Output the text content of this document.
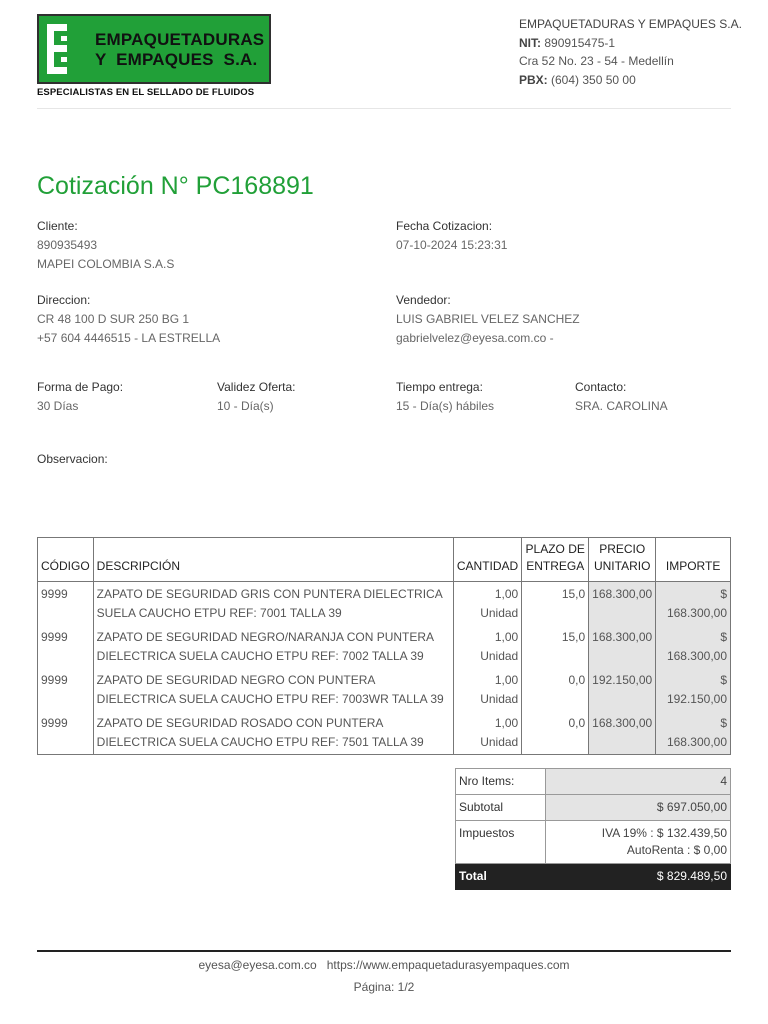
EMPAQUETADURAS
Y  EMPAQUES  S.A.
ESPECIALISTAS EN EL SELLADO DE FLUIDOS
EMPAQUETADURAS Y EMPAQUES S.A.
NIT: 890915475-1
Cra 52 No. 23 - 54 - Medellín
PBX: (604) 350 50 00
Cotización N° PC168891
Cliente:
890935493
MAPEI COLOMBIA S.A.S
Fecha Cotizacion:
07-10-2024 15:23:31
Direccion:
CR 48 100 D SUR 250 BG 1
+57 604 4446515 - LA ESTRELLA
Vendedor:
LUIS GABRIEL VELEZ SANCHEZ
gabrielvelez@eyesa.com.co -
Forma de Pago:
30 Días
Validez Oferta:
10 - Día(s)
Tiempo entrega:
15 - Día(s) hábiles
Contacto:
SRA. CAROLINA
Observacion:
CÓDIGO	DESCRIPCIÓN	CANTIDAD	PLAZO DE
ENTREGA	PRECIO
UNITARIO	IMPORTE
9999	ZAPATO DE SEGURIDAD GRIS CON PUNTERA DIELECTRICA SUELA CAUCHO ETPU REF: 7001 TALLA 39	1,00
Unidad	15,0	168.300,00	$ 168.300,00
9999	ZAPATO DE SEGURIDAD NEGRO/NARANJA CON PUNTERA DIELECTRICA SUELA CAUCHO ETPU REF: 7002 TALLA 39	1,00
Unidad	15,0	168.300,00	$ 168.300,00
9999	ZAPATO DE SEGURIDAD NEGRO CON PUNTERA DIELECTRICA SUELA CAUCHO ETPU REF: 7003WR TALLA 39	1,00
Unidad	0,0	192.150,00	$ 192.150,00
9999	ZAPATO DE SEGURIDAD ROSADO CON PUNTERA DIELECTRICA SUELA CAUCHO ETPU REF: 7501 TALLA 39	1,00
Unidad	0,0	168.300,00	$ 168.300,00
Nro Items:	4
Subtotal	$ 697.050,00
Impuestos	IVA 19% : $ 132.439,50
AutoRenta : $ 0,00

Total	$ 829.489,50
eyesa@eyesa.com.co https://www.empaquetadurasyempaques.com
Página: 1/2
